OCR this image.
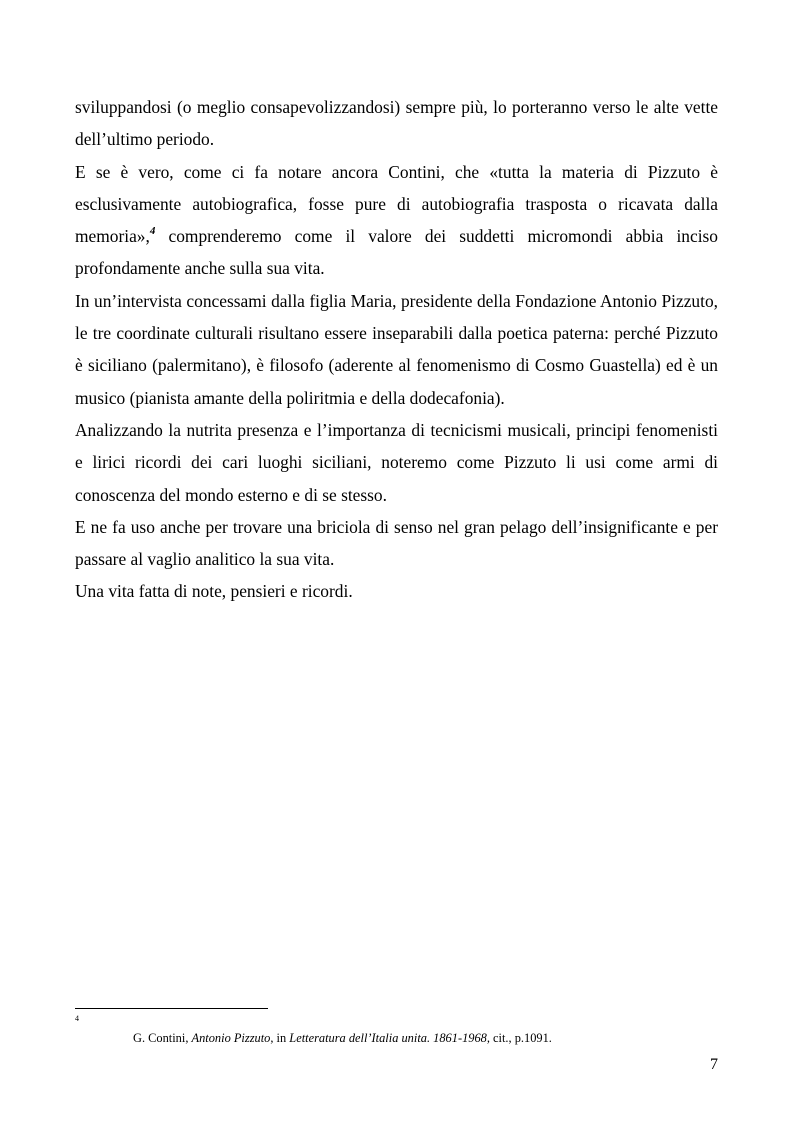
sviluppandosi (o meglio consapevolizzandosi) sempre più, lo porteranno verso le alte vette dell’ultimo periodo.

E se è vero, come ci fa notare ancora Contini, che «tutta la materia di Pizzuto è esclusivamente autobiografica, fosse pure di autobiografia trasposta o ricavata dalla memoria»,$^4$ comprenderemo come il valore dei suddetti micromondi abbia inciso profondamente anche sulla sua vita.

In un’intervista concessami dalla figlia Maria, presidente della Fondazione Antonio Pizzuto, le tre coordinate culturali risultano essere inseparabili dalla poetica paterna: perché Pizzuto è siciliano (palermitano), è filosofo (aderente al fenomenismo di Cosmo Guastella) ed è un musico (pianista amante della poliritmia e della dodecafonia).

Analizzando la nutrita presenza e l’importanza di tecnicismi musicali, principi fenomenisti e lirici ricordi dei cari luoghi siciliani, noteremo come Pizzuto li usi come armi di conoscenza del mondo esterno e di se stesso.

E ne fa uso anche per trovare una briciola di senso nel gran pelago dell’insignificante e per passare al vaglio analitico la sua vita.

Una vita fatta di note, pensieri e ricordi.

4
G. Contini, Antonio Pizzuto, in Letteratura dell’Italia unita. 1861-1968, cit., p.1091.
7
